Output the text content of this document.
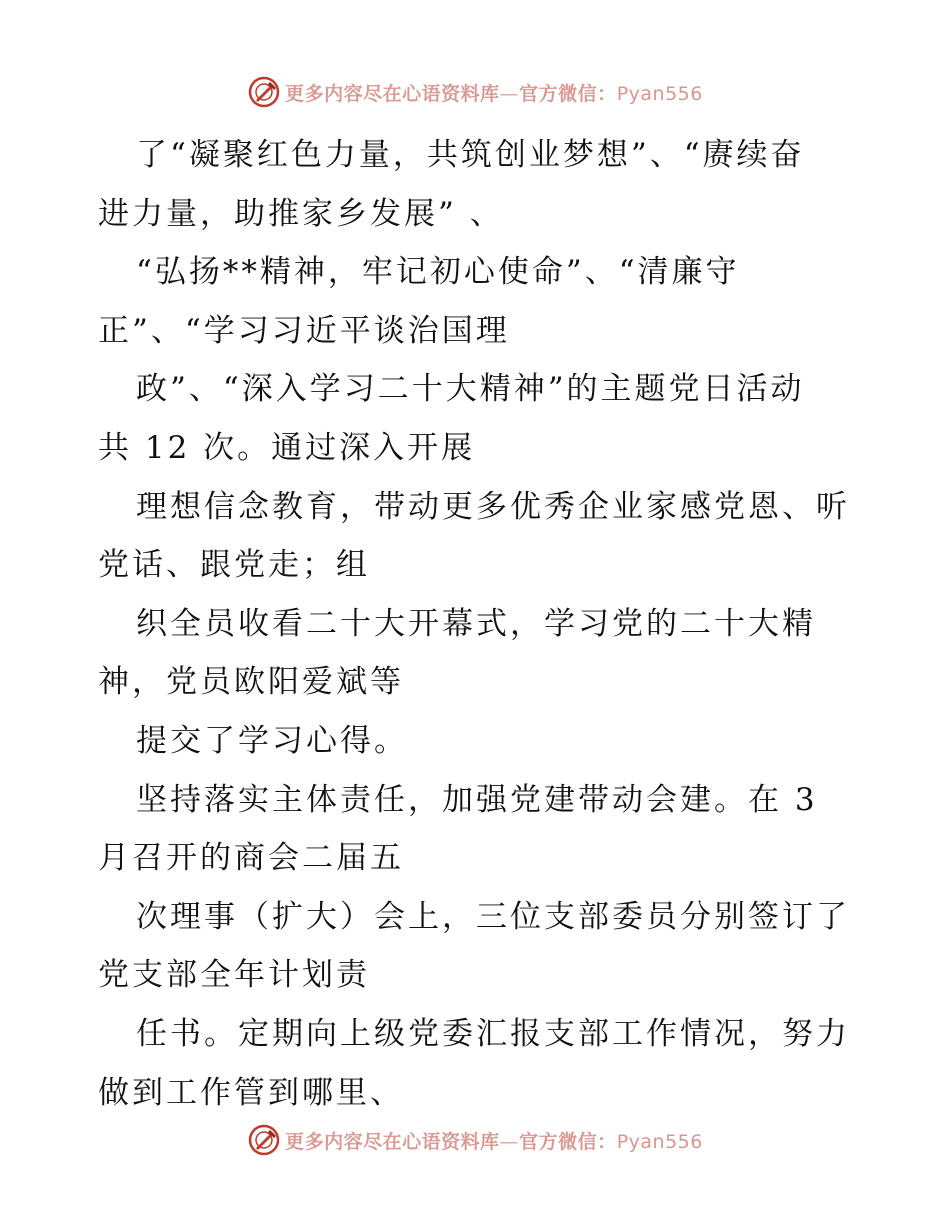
更多内容尽在心语资料库—官方微信：Pyan556
了“凝聚红色力量，共筑创业梦想”、“赓续奋
进力量，助推家乡发展” 、
“弘扬**精神，牢记初心使命”、“清廉守
正”、“学习习近平谈治国理
政”、“深入学习二十大精神”的主题党日活动
共 12 次。通过深入开展
理想信念教育，带动更多优秀企业家感党恩、听
党话、跟党走；组
织全员收看二十大开幕式，学习党的二十大精
神，党员欧阳爱斌等
提交了学习心得。
坚持落实主体责任，加强党建带动会建。在 3
月召开的商会二届五
次理事（扩大）会上，三位支部委员分别签订了
党支部全年计划责
任书。定期向上级党委汇报支部工作情况，努力
做到工作管到哪里、
更多内容尽在心语资料库—官方微信：Pyan556
